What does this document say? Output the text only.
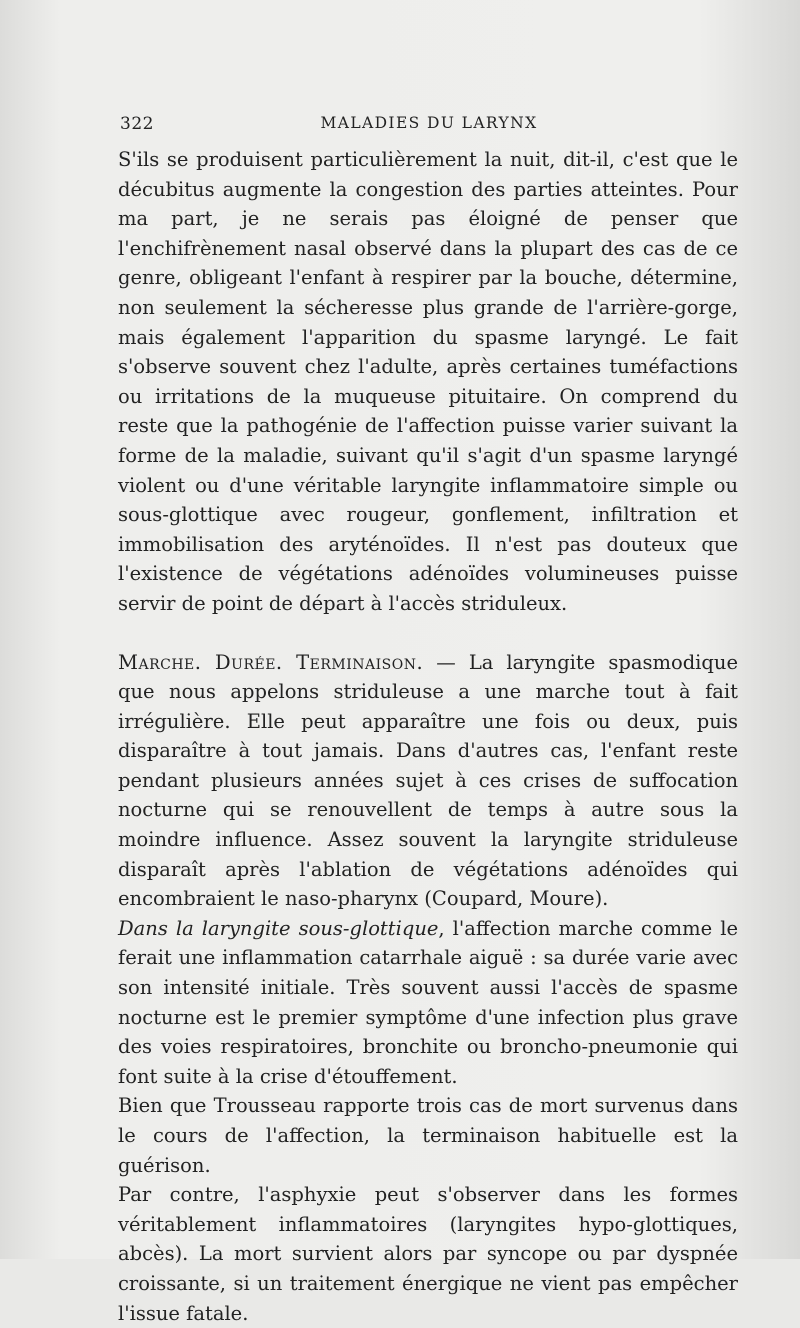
322	MALADIES DU LARYNX

S'ils se produisent particulièrement la nuit, dit-il, c'est que le décubitus augmente la congestion des parties atteintes. Pour ma part, je ne serais pas éloigné de penser que l'enchifrènement nasal observé dans la plupart des cas de ce genre, obligeant l'enfant à respirer par la bouche, détermine, non seulement la sécheresse plus grande de l'arrière-gorge, mais également l'apparition du spasme laryngé. Le fait s'observe souvent chez l'adulte, après certaines tuméfactions ou irritations de la muqueuse pituitaire. On comprend du reste que la pathogénie de l'affection puisse varier suivant la forme de la maladie, suivant qu'il s'agit d'un spasme laryngé violent ou d'une véritable laryngite inflammatoire simple ou sous-glottique avec rougeur, gonflement, infiltration et immobilisation des aryténoïdes. Il n'est pas douteux que l'existence de végétations adénoïdes volumineuses puisse servir de point de départ à l'accès striduleux.

Marche. Durée. Terminaison. — La laryngite spasmodique que nous appelons striduleuse a une marche tout à fait irrégulière. Elle peut apparaître une fois ou deux, puis disparaître à tout jamais. Dans d'autres cas, l'enfant reste pendant plusieurs années sujet à ces crises de suffocation nocturne qui se renouvellent de temps à autre sous la moindre influence. Assez souvent la laryngite striduleuse disparaît après l'ablation de végétations adénoïdes qui encombraient le naso-pharynx (Coupard, Moure).

Dans la laryngite sous-glottique, l'affection marche comme le ferait une inflammation catarrhale aiguë : sa durée varie avec son intensité initiale. Très souvent aussi l'accès de spasme nocturne est le premier symptôme d'une infection plus grave des voies respiratoires, bronchite ou broncho-pneumonie qui font suite à la crise d'étouffement.

Bien que Trousseau rapporte trois cas de mort survenus dans le cours de l'affection, la terminaison habituelle est la guérison.

Par contre, l'asphyxie peut s'observer dans les formes véritablement inflammatoires (laryngites hypo-glottiques, abcès). La mort survient alors par syncope ou par dyspnée croissante, si un traitement énergique ne vient pas empêcher l'issue fatale.
